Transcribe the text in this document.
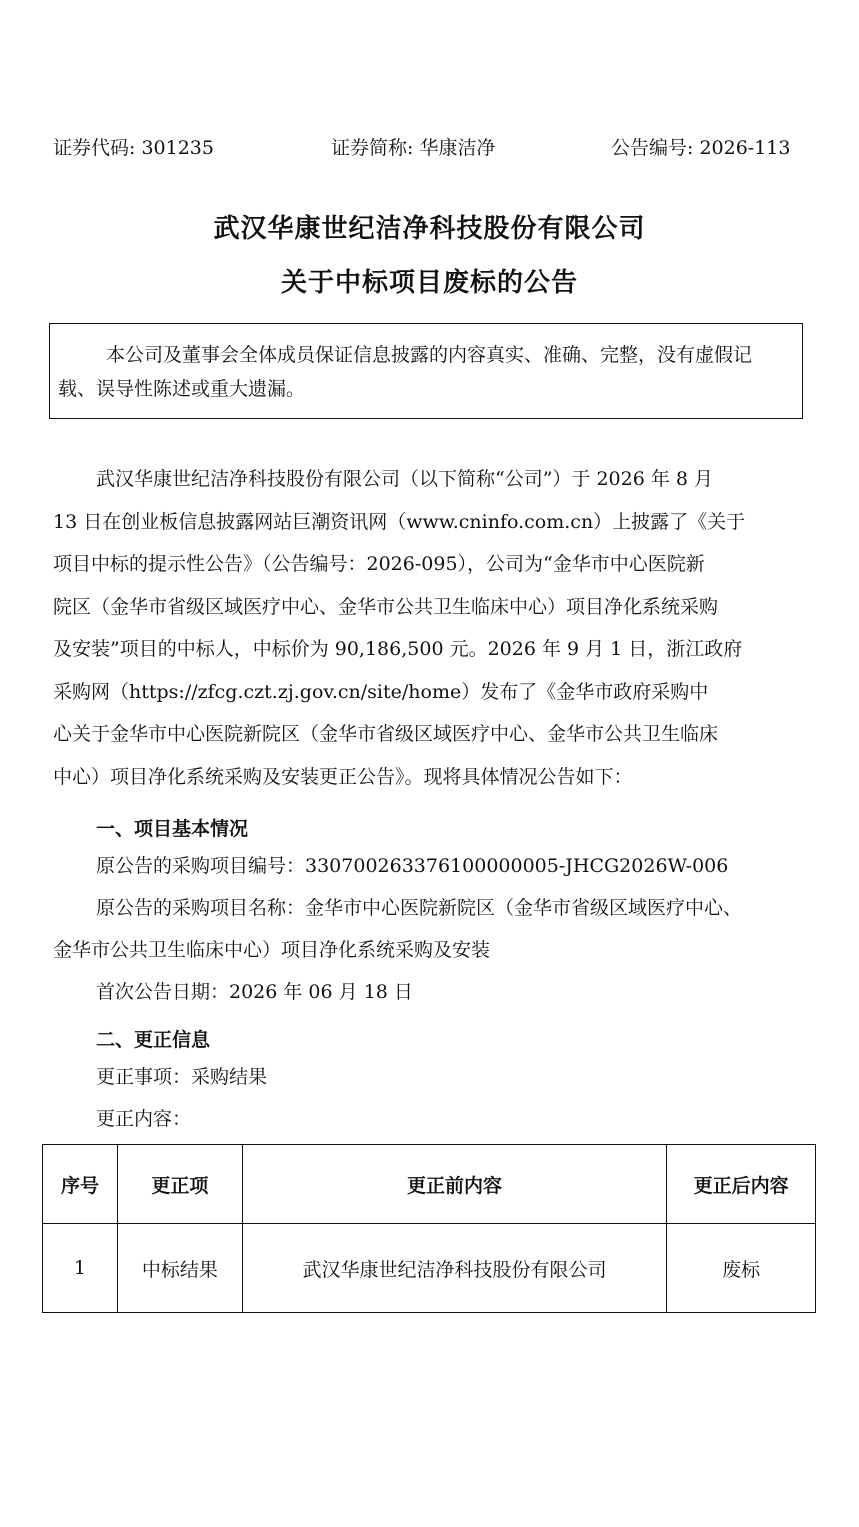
证券代码: 301235	证券简称: 华康洁净	公告编号: 2026-113
武汉华康世纪洁净科技股份有限公司
关于中标项目废标的公告

本公司及董事会全体成员保证信息披露的内容真实、准确、完整，没有虚假记

载、误导性陈述或重大遗漏。

武汉华康世纪洁净科技股份有限公司（以下简称“公司”）于 2026 年 8 月
13 日在创业板信息披露网站巨潮资讯网（www.cninfo.com.cn）上披露了《关于
项目中标的提示性公告》（公告编号：2026-095），公司为“金华市中心医院新
院区（金华市省级区域医疗中心、金华市公共卫生临床中心）项目净化系统采购
及安装”项目的中标人，中标价为 90,186,500 元。2026 年 9 月 1 日，浙江政府
采购网（https://zfcg.czt.zj.gov.cn/site/home）发布了《金华市政府采购中
心关于金华市中心医院新院区（金华市省级区域医疗中心、金华市公共卫生临床
中心）项目净化系统采购及安装更正公告》。现将具体情况公告如下：
一、项目基本情况
原公告的采购项目编号：330700263376100000005-JHCG2026W-006
原公告的采购项目名称：金华市中心医院新院区（金华市省级区域医疗中心、
金华市公共卫生临床中心）项目净化系统采购及安装
首次公告日期：2026 年 06 月 18 日
二、更正信息
更正事项：采购结果
更正内容：
序号	更正项	更正前内容	更正后内容
1	中标结果	武汉华康世纪洁净科技股份有限公司	废标
